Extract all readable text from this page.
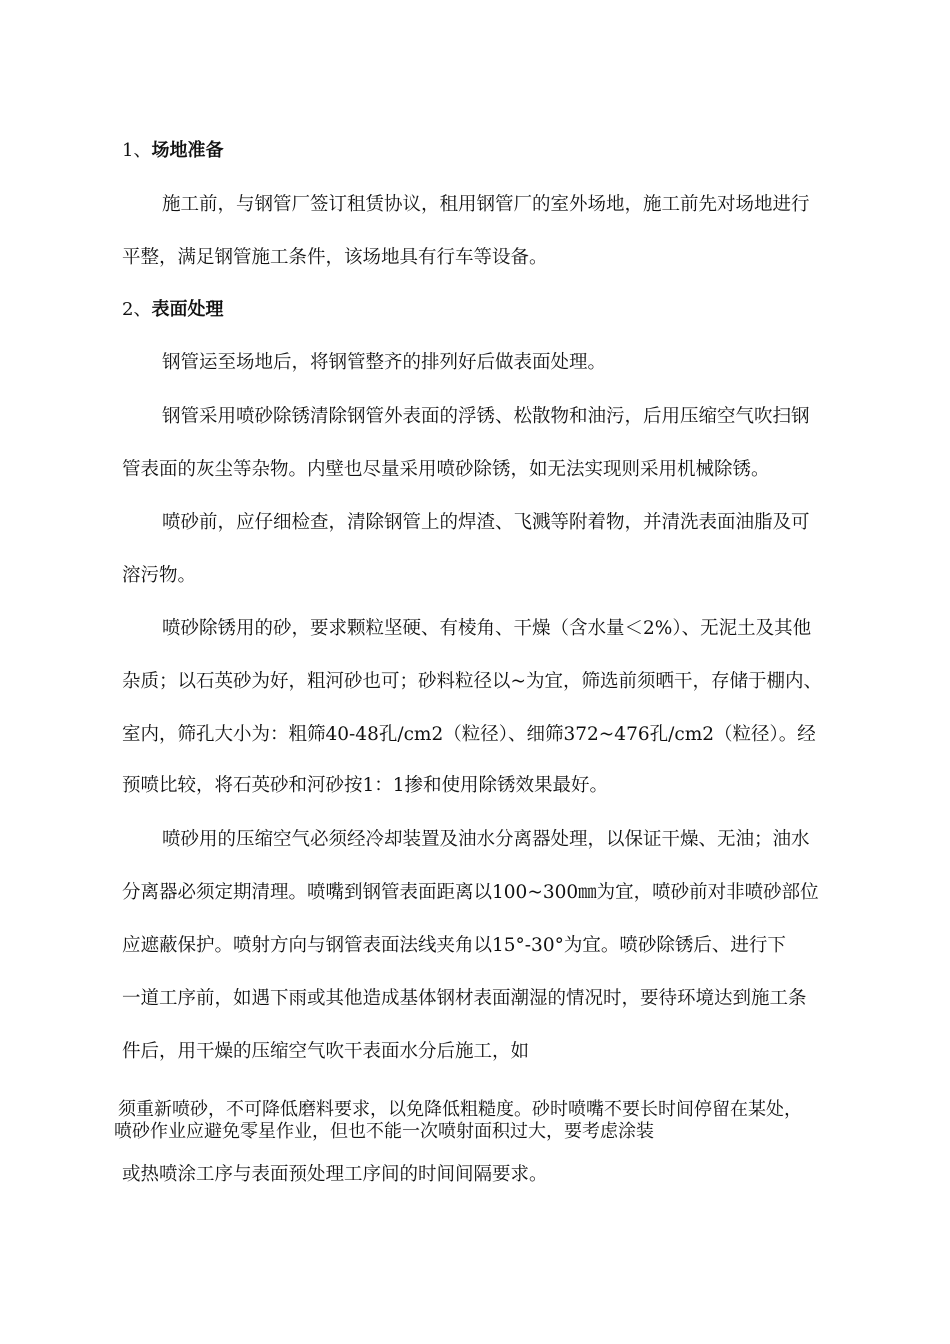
1、场地准备

施工前，与钢管厂签订租赁协议，租用钢管厂的室外场地，施工前先对场地进行

平整，满足钢管施工条件，该场地具有行车等设备。

2、表面处理

钢管运至场地后，将钢管整齐的排列好后做表面处理。

钢管采用喷砂除锈清除钢管外表面的浮锈、松散物和油污，后用压缩空气吹扫钢

管表面的灰尘等杂物。内壁也尽量采用喷砂除锈，如无法实现则采用机械除锈。

喷砂前，应仔细检查，清除钢管上的焊渣、飞溅等附着物，并清洗表面油脂及可

溶污物。

喷砂除锈用的砂，要求颗粒坚硬、有棱角、干燥（含水量＜2%）、无泥土及其他

杂质；以石英砂为好，粗河砂也可；砂料粒径以~为宜，筛选前须晒干，存储于棚内、

室内，筛孔大小为：粗筛40-48孔/cm2（粒径）、细筛372~476孔/cm2（粒径）。经

预喷比较，将石英砂和河砂按1：1掺和使用除锈效果最好。

喷砂用的压缩空气必须经冷却装置及油水分离器处理，以保证干燥、无油；油水

分离器必须定期清理。喷嘴到钢管表面距离以100~300㎜为宜，喷砂前对非喷砂部位

应遮蔽保护。喷射方向与钢管表面法线夹角以15°-30°为宜。喷砂除锈后、进行下

一道工序前，如遇下雨或其他造成基体钢材表面潮湿的情况时，要待环境达到施工条

件后，用干燥的压缩空气吹干表面水分后施工，如

须重新喷砂，不可降低磨料要求，以免降低粗糙度。砂时喷嘴不要长时间停留在某处，

喷砂作业应避免零星作业，但也不能一次喷射面积过大，要考虑涂装

或热喷涂工序与表面预处理工序间的时间间隔要求。
